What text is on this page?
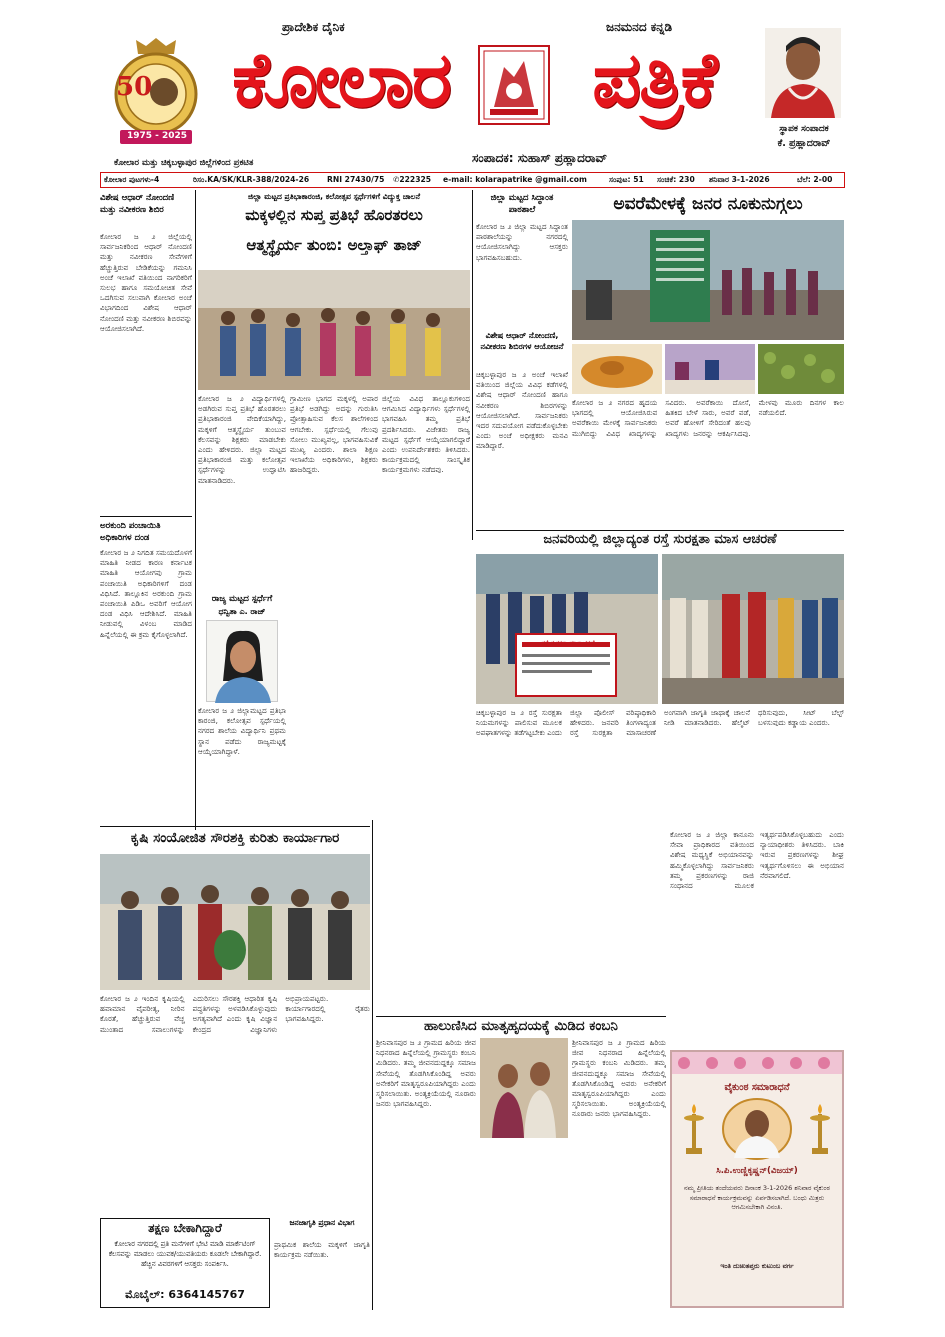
50
1975 - 2025
ಪ್ರಾದೇಶಿಕ ದೈನಿಕ	ಜನಮನದ ಕನ್ನಡಿ
ಕೋಲಾರ	ಪತ್ರಿಕೆ
ಸ್ಥಾಪಕ ಸಂಪಾದಕ
ಕೆ. ಪ್ರಹ್ಲಾದರಾವ್
ಕೋಲಾರ ಮತ್ತು ಚಿಕ್ಕಬಳ್ಳಾಪುರ ಜಿಲ್ಲೆಗಳಿಂದ ಪ್ರಕಟಿತ	ಸಂಪಾದಕ: ಸುಹಾಸ್ ಪ್ರಹ್ಲಾದರಾವ್
ಕೋಲಾರ ಪುಟಗಳು-4	ರಿಸಂ.KA/SK/KLR-388/2024-26 RNI 27430/75 ✆222325 e-mail: kolarapatrike @gmail.com	ಸಂಪುಟ: 51 ಸಂಚಿಕೆ: 230 ಶನಿವಾರ 3-1-2026	ಬೆಲೆ: 2-00
ವಿಶೇಷ ಆಧಾರ್ ನೋಂದಣಿ ಮತ್ತು ನವೀಕರಣ ಶಿಬಿರ
ಕೋಲಾರ ಜ ೨ ಜಿಲ್ಲೆಯಲ್ಲಿ ಸಾರ್ವಜನಿಕರಿಂದ ಆಧಾರ್ ನೋಂದಣಿ ಮತ್ತು ನವೀಕರಣ ಸೇವೆಗಳಿಗೆ ಹೆಚ್ಚುತ್ತಿರುವ ಬೇಡಿಕೆಯನ್ನು ಗಮನಿಸಿ ಅಂಚೆ ಇಲಾಖೆ ವತಿಯಿಂದ ನಾಗರಿಕರಿಗೆ ಸುಲಭ ಹಾಗೂ ಸಮಯೋಚಿತ ಸೇವೆ ಒದಗಿಸುವ ಸಲುವಾಗಿ ಕೋಲಾರ ಅಂಚೆ ವಿಭಾಗದಿಂದ ವಿಶೇಷ ಆಧಾರ್ ನೋಂದಣಿ ಮತ್ತು ನವೀಕರಣ ಶಿಬಿರವನ್ನು ಆಯೋಜಿಸಲಾಗಿದೆ.
ಅರಕುಂದಿ ಪಂಚಾಯಿತಿ ಅಧಿಕಾರಿಗಳ ದಂಡ
ಕೋಲಾರ ಜ ೨ ನಿಗದಿತ ಸಮಯದೊಳಗೆ ಮಾಹಿತಿ ನೀಡದ ಕಾರಣ ಕರ್ನಾಟಕ ಮಾಹಿತಿ ಆಯೋಗವು ಗ್ರಾಮ ಪಂಚಾಯಿತಿ ಅಧಿಕಾರಿಗಳಿಗೆ ದಂಡ ವಿಧಿಸಿದೆ. ತಾಲ್ಲೂಕಿನ ಅರಕುಂದಿ ಗ್ರಾಮ ಪಂಚಾಯಿತಿ ಪಿಡಿಒ ಅವರಿಗೆ ಆಯೋಗ ದಂಡ ವಿಧಿಸಿ ಆದೇಶಿಸಿದೆ. ಮಾಹಿತಿ ನೀಡುವಲ್ಲಿ ವಿಳಂಬ ಮಾಡಿದ ಹಿನ್ನೆಲೆಯಲ್ಲಿ ಈ ಕ್ರಮ ಕೈಗೊಳ್ಳಲಾಗಿದೆ.
ಜಿಲ್ಲಾ ಮಟ್ಟದ ಪ್ರತಿಭಾಕಾರಂಜಿ, ಕಲೋತ್ಸವ ಸ್ಪರ್ಧೆಗಳಿಗೆ ವಿದ್ಯುಕ್ತ ಚಾಲನೆ
ಮಕ್ಕಳಲ್ಲಿನ ಸುಪ್ತ ಪ್ರತಿಭೆ ಹೊರತರಲು
ಆತ್ಮಸ್ಥೈರ್ಯ ತುಂಬಿ: ಅಲ್ತಾಫ್ ತಾಜ್
ಕೋಲಾರ ಜ ೨ ವಿದ್ಯಾರ್ಥಿಗಳಲ್ಲಿ ಅಡಗಿರುವ ಸುಪ್ತ ಪ್ರತಿಭೆ ಹೊರತರಲು ಪ್ರತಿಭಾಕಾರಂಜಿ ವೇದಿಕೆಯಾಗಿದ್ದು, ಮಕ್ಕಳಿಗೆ ಆತ್ಮಸ್ಥೈರ್ಯ ತುಂಬುವ ಕೆಲಸವನ್ನು ಶಿಕ್ಷಕರು ಮಾಡಬೇಕು ಎಂದು ಹೇಳಿದರು. ಜಿಲ್ಲಾ ಮಟ್ಟದ ಪ್ರತಿಭಾಕಾರಂಜಿ ಮತ್ತು ಕಲೋತ್ಸವ ಸ್ಪರ್ಧೆಗಳನ್ನು ಉದ್ಘಾಟಿಸಿ ಮಾತನಾಡಿದರು.
ಗ್ರಾಮೀಣ ಭಾಗದ ಮಕ್ಕಳಲ್ಲಿ ಅಪಾರ ಪ್ರತಿಭೆ ಅಡಗಿದ್ದು ಅದನ್ನು ಗುರುತಿಸಿ ಪ್ರೋತ್ಸಾಹಿಸುವ ಕೆಲಸ ಶಾಲೆಗಳಿಂದ ಆಗಬೇಕು. ಸ್ಪರ್ಧೆಯಲ್ಲಿ ಗೆಲುವು ಸೋಲು ಮುಖ್ಯವಲ್ಲ, ಭಾಗವಹಿಸುವಿಕೆ ಮುಖ್ಯ ಎಂದರು. ಶಾಲಾ ಶಿಕ್ಷಣ ಇಲಾಖೆಯ ಅಧಿಕಾರಿಗಳು, ಶಿಕ್ಷಕರು ಹಾಜರಿದ್ದರು.
ಜಿಲ್ಲೆಯ ವಿವಿಧ ತಾಲ್ಲೂಕುಗಳಿಂದ ಆಗಮಿಸಿದ ವಿದ್ಯಾರ್ಥಿಗಳು ಸ್ಪರ್ಧೆಗಳಲ್ಲಿ ಭಾಗವಹಿಸಿ ತಮ್ಮ ಪ್ರತಿಭೆ ಪ್ರದರ್ಶಿಸಿದರು. ವಿಜೇತರು ರಾಜ್ಯ ಮಟ್ಟದ ಸ್ಪರ್ಧೆಗೆ ಆಯ್ಕೆಯಾಗಲಿದ್ದಾರೆ ಎಂದು ಉಪನಿರ್ದೇಶಕರು ತಿಳಿಸಿದರು. ಕಾರ್ಯಕ್ರಮದಲ್ಲಿ ಸಾಂಸ್ಕೃತಿಕ ಕಾರ್ಯಕ್ರಮಗಳು ನಡೆದವು.
ರಾಜ್ಯ ಮಟ್ಟದ ಸ್ಪರ್ಧೆಗೆ
ಧನ್ವಿತಾ ಎ. ರಾಜ್
ಕೋಲಾರ ಜ ೨ ಜಿಲ್ಲಾಮಟ್ಟದ ಪ್ರತಿಭಾ ಕಾರಂಜಿ, ಕಲೋತ್ಸವ ಸ್ಪರ್ಧೆಯಲ್ಲಿ ನಗರದ ಶಾಲೆಯ ವಿದ್ಯಾರ್ಥಿನಿ ಪ್ರಥಮ ಸ್ಥಾನ ಪಡೆದು ರಾಜ್ಯಮಟ್ಟಕ್ಕೆ ಆಯ್ಕೆಯಾಗಿದ್ದಾಳೆ.
ಜಿಲ್ಲಾ ಮಟ್ಟದ ಸಿದ್ಧಾಂತ ಪಾಠಶಾಲೆ
ಕೋಲಾರ ಜ ೨ ಜಿಲ್ಲಾ ಮಟ್ಟದ ಸಿದ್ಧಾಂತ ಪಾಠಶಾಲೆಯನ್ನು ನಗರದಲ್ಲಿ ಆಯೋಜಿಸಲಾಗಿದ್ದು ಆಸಕ್ತರು ಭಾಗವಹಿಸಬಹುದು.
ವಿಶೇಷ ಆಧಾರ್ ನೋಂದಣಿ, ನವೀಕರಣ ಶಿಬಿರಗಳ ಆಯೋಜನೆ
ಚಿಕ್ಕಬಳ್ಳಾಪುರ ಜ ೨ ಅಂಚೆ ಇಲಾಖೆ ವತಿಯಿಂದ ಜಿಲ್ಲೆಯ ವಿವಿಧ ಕಡೆಗಳಲ್ಲಿ ವಿಶೇಷ ಆಧಾರ್ ನೋಂದಣಿ ಹಾಗೂ ನವೀಕರಣ ಶಿಬಿರಗಳನ್ನು ಆಯೋಜಿಸಲಾಗಿದೆ. ಸಾರ್ವಜನಿಕರು ಇದರ ಸದುಪಯೋಗ ಪಡೆದುಕೊಳ್ಳಬೇಕು ಎಂದು ಅಂಚೆ ಅಧೀಕ್ಷಕರು ಮನವಿ ಮಾಡಿದ್ದಾರೆ.
ಅವರೆಮೇಳಕ್ಕೆ ಜನರ ನೂಕುನುಗ್ಗಲು
ಕೋಲಾರ ಜ ೨ ನಗರದ ಹೃದಯ ಭಾಗದಲ್ಲಿ ಆಯೋಜಿಸಿರುವ ಅವರೆಕಾಯಿ ಮೇಳಕ್ಕೆ ಸಾರ್ವಜನಿಕರು ಮುಗಿಬಿದ್ದು ವಿವಿಧ ಖಾದ್ಯಗಳನ್ನು ಸವಿದರು. ಅವರೆಕಾಯಿ ದೋಸೆ, ಹಿತಕಿದ ಬೇಳೆ ಸಾರು, ಅವರೆ ವಡೆ, ಅವರೆ ಹೋಳಿಗೆ ಸೇರಿದಂತೆ ಹಲವು ಖಾದ್ಯಗಳು ಜನರನ್ನು ಆಕರ್ಷಿಸಿದವು. ಮೇಳವು ಮೂರು ದಿನಗಳ ಕಾಲ ನಡೆಯಲಿದೆ.
ಜನವರಿಯಲ್ಲಿ ಜಿಲ್ಲಾದ್ಯಂತ ರಸ್ತೆ ಸುರಕ್ಷತಾ ಮಾಸ ಆಚರಣೆ
ರಸ್ತೆ ಸುರಕ್ಷತಾ ಮಾಸಾಚರಣೆ
ಚಿಕ್ಕಬಳ್ಳಾಪುರ ಜ ೨ ರಸ್ತೆ ಸುರಕ್ಷತಾ ನಿಯಮಗಳನ್ನು ಪಾಲಿಸುವ ಮೂಲಕ ಅಪಘಾತಗಳನ್ನು ತಡೆಗಟ್ಟಬೇಕು ಎಂದು ಜಿಲ್ಲಾ ಪೊಲೀಸ್ ವರಿಷ್ಠಾಧಿಕಾರಿ ಹೇಳಿದರು. ಜನವರಿ ತಿಂಗಳಾದ್ಯಂತ ರಸ್ತೆ ಸುರಕ್ಷತಾ ಮಾಸಾಚರಣೆ ಅಂಗವಾಗಿ ಜಾಗೃತಿ ಜಾಥಾಕ್ಕೆ ಚಾಲನೆ ನೀಡಿ ಮಾತನಾಡಿದರು. ಹೆಲ್ಮೆಟ್ ಧರಿಸುವುದು, ಸೀಟ್ ಬೆಲ್ಟ್ ಬಳಸುವುದು ಕಡ್ಡಾಯ ಎಂದರು.
ಕೃಷಿ ಸಂಯೋಜಿತ ಸೌರಶಕ್ತಿ ಕುರಿತು ಕಾರ್ಯಾಗಾರ
ಕೋಲಾರ ಜ ೨ ಇಂದಿನ ಕೃಷಿಯಲ್ಲಿ ಹವಾಮಾನ ವೈಪರೀತ್ಯ, ನೀರಿನ ಕೊರತೆ, ಹೆಚ್ಚುತ್ತಿರುವ ವೆಚ್ಚ ಮುಂತಾದ ಸವಾಲುಗಳನ್ನು ಎದುರಿಸಲು ಸೌರಶಕ್ತಿ ಆಧಾರಿತ ಕೃಷಿ ಪದ್ಧತಿಗಳನ್ನು ಅಳವಡಿಸಿಕೊಳ್ಳುವುದು ಅಗತ್ಯವಾಗಿದೆ ಎಂದು ಕೃಷಿ ವಿಜ್ಞಾನ ಕೇಂದ್ರದ ವಿಜ್ಞಾನಿಗಳು ಅಭಿಪ್ರಾಯಪಟ್ಟರು. ಕಾರ್ಯಾಗಾರದಲ್ಲಿ ರೈತರು ಭಾಗವಹಿಸಿದ್ದರು.
ತಕ್ಷಣ ಬೇಕಾಗಿದ್ದಾರೆ
ಕೋಲಾರ ನಗರದಲ್ಲಿ ಪ್ರತಿ ಮನೆಗಳಿಗೆ ಭೇಟಿ ಮಾಡಿ ಮಾರ್ಕೆಟಿಂಗ್ ಕೆಲಸವನ್ನು ಮಾಡಲು ಯುವಕ/ಯುವತಿಯರು ಕೂಡಲೇ ಬೇಕಾಗಿದ್ದಾರೆ. ಹೆಚ್ಚಿನ ವಿವರಗಳಿಗೆ ಆಸಕ್ತರು ಸಂಪರ್ಕಿಸಿ.
ಮೊಬೈಲ್: 6364145767
ಜನಜಾಗೃತಿ ಪ್ರಧಾನ ವಿಭಾಗ
ಪ್ರಾಥಮಿಕ ಶಾಲೆಯ ಮಕ್ಕಳಿಗೆ ಜಾಗೃತಿ ಕಾರ್ಯಕ್ರಮ ನಡೆಯಿತು.
ಹಾಲುಣಿಸಿದ ಮಾತೃಹೃದಯಕ್ಕೆ ಮಿಡಿದ ಕಂಬನಿ
ಶ್ರೀನಿವಾಸಪುರ ಜ ೨ ಗ್ರಾಮದ ಹಿರಿಯ ಜೀವ ನಿಧನರಾದ ಹಿನ್ನೆಲೆಯಲ್ಲಿ ಗ್ರಾಮಸ್ಥರು ಕಂಬನಿ ಮಿಡಿದರು. ತಮ್ಮ ಜೀವನದುದ್ದಕ್ಕೂ ಸಮಾಜ ಸೇವೆಯಲ್ಲಿ ತೊಡಗಿಸಿಕೊಂಡಿದ್ದ ಅವರು ಅನೇಕರಿಗೆ ಮಾತೃಸ್ವರೂಪಿಯಾಗಿದ್ದರು ಎಂದು ಸ್ಮರಿಸಲಾಯಿತು. ಅಂತ್ಯಕ್ರಿಯೆಯಲ್ಲಿ ನೂರಾರು ಜನರು ಭಾಗವಹಿಸಿದ್ದರು.
ಶ್ರೀನಿವಾಸಪುರ ಜ ೨ ಗ್ರಾಮದ ಹಿರಿಯ ಜೀವ ನಿಧನರಾದ ಹಿನ್ನೆಲೆಯಲ್ಲಿ ಗ್ರಾಮಸ್ಥರು ಕಂಬನಿ ಮಿಡಿದರು. ತಮ್ಮ ಜೀವನದುದ್ದಕ್ಕೂ ಸಮಾಜ ಸೇವೆಯಲ್ಲಿ ತೊಡಗಿಸಿಕೊಂಡಿದ್ದ ಅವರು ಅನೇಕರಿಗೆ ಮಾತೃಸ್ವರೂಪಿಯಾಗಿದ್ದರು ಎಂದು ಸ್ಮರಿಸಲಾಯಿತು. ಅಂತ್ಯಕ್ರಿಯೆಯಲ್ಲಿ ನೂರಾರು ಜನರು ಭಾಗವಹಿಸಿದ್ದರು.
ವೈಕುಂಠ ಸಮಾರಾಧನೆ
ಸಿ.ಪಿ.ಉಣ್ಣಿಕೃಷ್ಣನ್(ವಿಜಯ್)
ನಮ್ಮ ಪ್ರೀತಿಯ ತಂದೆಯವರು ದಿನಾಂಕ 3-1-2026 ಶನಿವಾರ ವೈಕುಂಠ ಸಮಾರಾಧನೆ ಕಾರ್ಯಕ್ರಮವನ್ನು ಏರ್ಪಡಿಸಲಾಗಿದೆ. ಬಂಧು ಮಿತ್ರರು ಆಗಮಿಸಬೇಕಾಗಿ ವಿನಂತಿ.
ಇಂತಿ ದುಃಖತಪ್ತರು ಕುಟುಂಬ ವರ್ಗ
ಕೋಲಾರ ಜ ೨ ಜಿಲ್ಲಾ ಕಾನೂನು ಸೇವಾ ಪ್ರಾಧಿಕಾರದ ವತಿಯಿಂದ ವಿಶೇಷ ಮಧ್ಯಸ್ಥಿಕೆ ಅಭಿಯಾನವನ್ನು ಹಮ್ಮಿಕೊಳ್ಳಲಾಗಿದ್ದು ಸಾರ್ವಜನಿಕರು ತಮ್ಮ ಪ್ರಕರಣಗಳನ್ನು ರಾಜಿ ಸಂಧಾನದ ಮೂಲಕ ಇತ್ಯರ್ಥಪಡಿಸಿಕೊಳ್ಳಬಹುದು ಎಂದು ನ್ಯಾಯಾಧೀಶರು ತಿಳಿಸಿದರು. ಬಾಕಿ ಇರುವ ಪ್ರಕರಣಗಳನ್ನು ಶೀಘ್ರ ಇತ್ಯರ್ಥಗೊಳಿಸಲು ಈ ಅಭಿಯಾನ ನೆರವಾಗಲಿದೆ.
